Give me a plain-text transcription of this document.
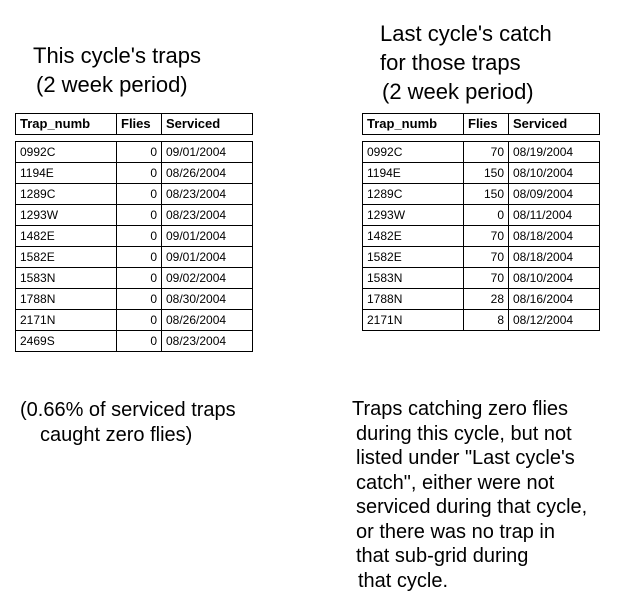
This cycle's traps
(2 week period)
Trap_numb	Flies	Serviced

0992C	0	09/01/2004
1194E	0	08/26/2004
1289C	0	08/23/2004
1293W	0	08/23/2004
1482E	0	09/01/2004
1582E	0	09/01/2004
1583N	0	09/02/2004
1788N	0	08/30/2004
2171N	0	08/26/2004
2469S	0	08/23/2004
Last cycle's catch
for those traps
(2 week period)
Trap_numb	Flies	Serviced

0992C	70	08/19/2004
1194E	150	08/10/2004
1289C	150	08/09/2004
1293W	0	08/11/2004
1482E	70	08/18/2004
1582E	70	08/18/2004
1583N	70	08/10/2004
1788N	28	08/16/2004
2171N	8	08/12/2004
(0.66% of serviced traps
caught zero flies)
Traps catching zero flies
during this cycle, but not
listed under "Last cycle's
catch", either were not
serviced during that cycle,
or there was no trap in
that sub-grid during
that cycle.
